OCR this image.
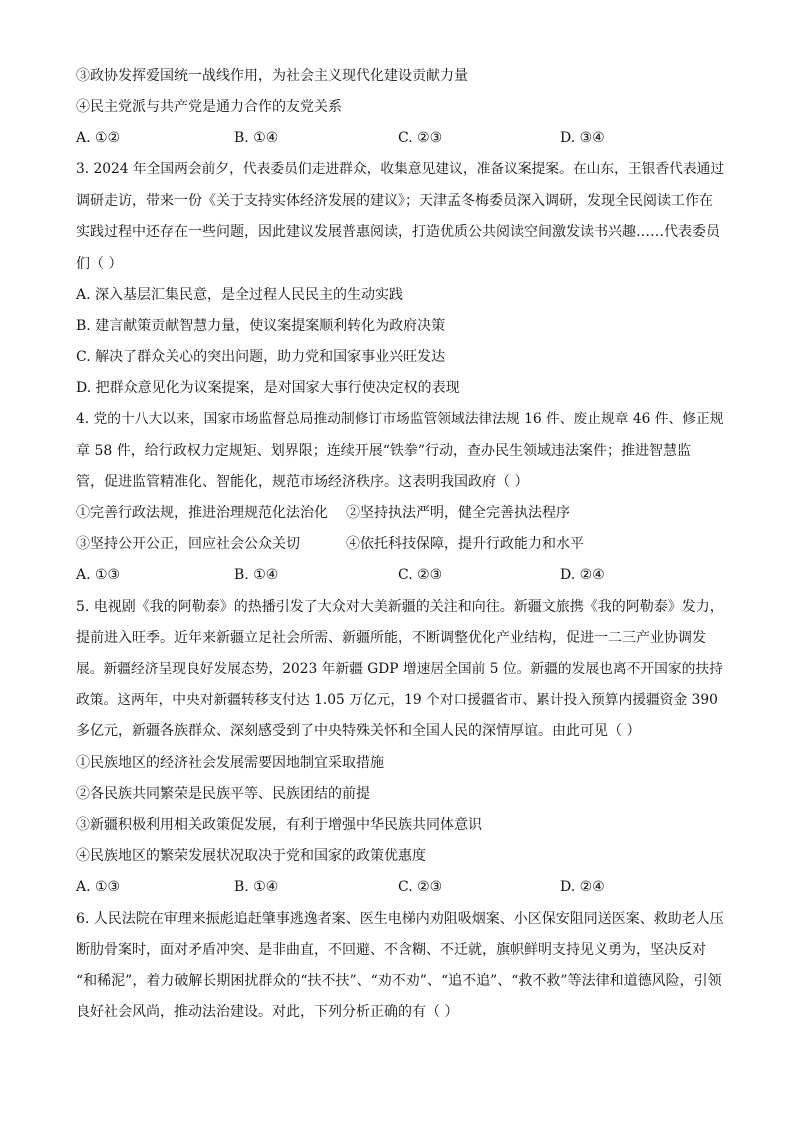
③政协发挥爱国统一战线作用，为社会主义现代化建设贡献力量
④民主党派与共产党是通力合作的友党关系
A. ①②	B. ①④	C. ②③	D. ③④
3. 2024 年全国两会前夕，代表委员们走进群众，收集意见建议，准备议案提案。在山东，王银香代表通过
调研走访，带来一份《关于支持实体经济发展的建议》；天津孟冬梅委员深入调研，发现全民阅读工作在
实践过程中还存在一些问题，因此建议发展普惠阅读，打造优质公共阅读空间激发读书兴趣……代表委员
们（ ）
A. 深入基层汇集民意，是全过程人民民主的生动实践
B. 建言献策贡献智慧力量，使议案提案顺利转化为政府决策
C. 解决了群众关心的突出问题，助力党和国家事业兴旺发达
D. 把群众意见化为议案提案，是对国家大事行使决定权的表现
4. 党的十八大以来，国家市场监督总局推动制修订市场监管领域法律法规 16 件、废止规章 46 件、修正规
章 58 件，给行政权力定规矩、划界限；连续开展“铁拳”行动，查办民生领域违法案件；推进智慧监
管，促进监管精准化、智能化，规范市场经济秩序。这表明我国政府（ ）
①完善行政法规，推进治理规范化法治化 ②坚持执法严明，健全完善执法程序
③坚持公开公正，回应社会公众关切	④依托科技保障，提升行政能力和水平
A. ①③	B. ①④	C. ②③	D. ②④
5. 电视剧《我的阿勒泰》的热播引发了大众对大美新疆的关注和向往。新疆文旅携《我的阿勒泰》发力，
提前进入旺季。近年来新疆立足社会所需、新疆所能，不断调整优化产业结构，促进一二三产业协调发
展。新疆经济呈现良好发展态势，2023 年新疆 GDP 增速居全国前 5 位。新疆的发展也离不开国家的扶持
政策。这两年，中央对新疆转移支付达 1.05 万亿元，19 个对口援疆省市、累计投入预算内援疆资金 390
多亿元，新疆各族群众、深刻感受到了中央特殊关怀和全国人民的深情厚谊。由此可见（ ）
①民族地区的经济社会发展需要因地制宜采取措施
②各民族共同繁荣是民族平等、民族团结的前提
③新疆积极利用相关政策促发展，有利于增强中华民族共同体意识
④民族地区的繁荣发展状况取决于党和国家的政策优惠度
A. ①③	B. ①④	C. ②③	D. ②④
6. 人民法院在审理来振彪追赶肇事逃逸者案、医生电梯内劝阻吸烟案、小区保安阻同送医案、救助老人压
断肋骨案时，面对矛盾冲突、是非曲直，不回避、不含糊、不迁就，旗帜鲜明支持见义勇为，坚决反对
“和稀泥”，着力破解长期困扰群众的“扶不扶”、“劝不劝”、“追不追”、“救不救”等法律和道德风险，引领
良好社会风尚，推动法治建设。对此，下列分析正确的有（ ）
